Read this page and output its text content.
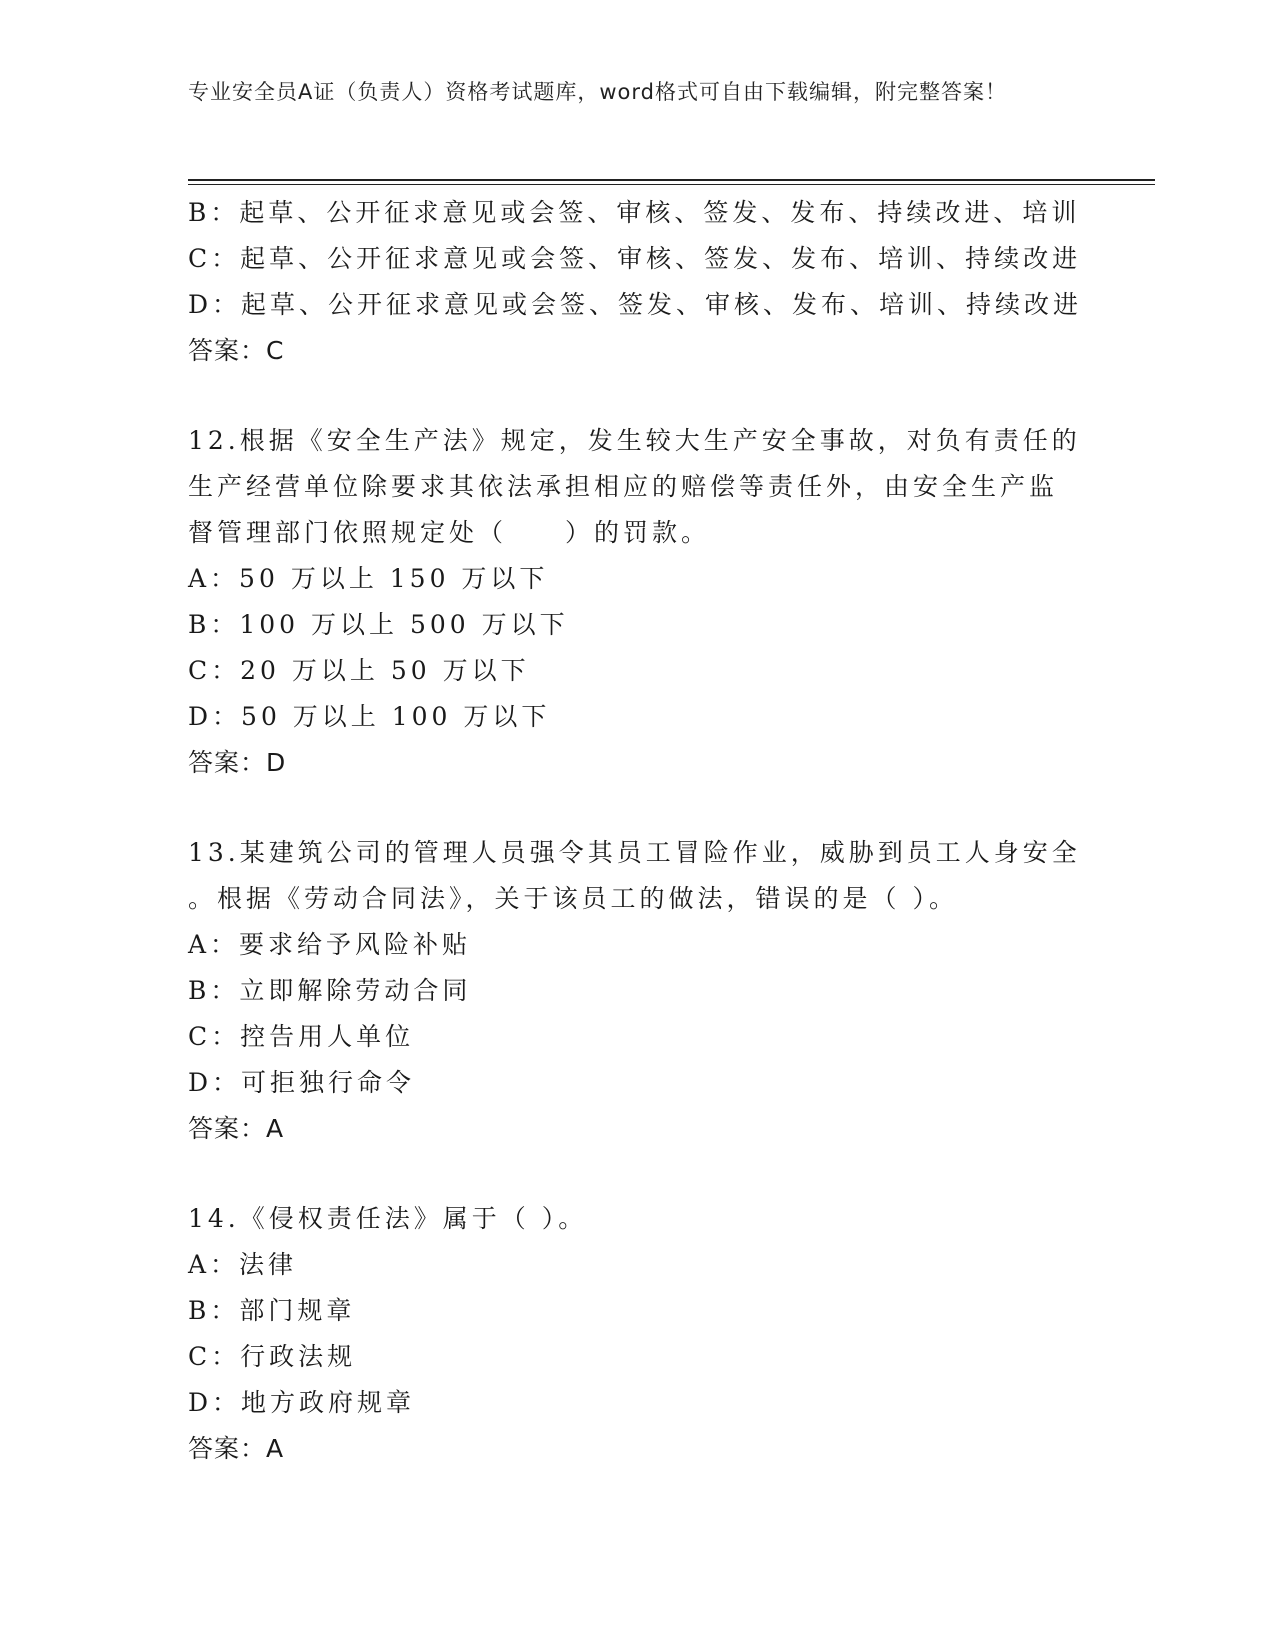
专业安全员A证（负责人）资格考试题库，word格式可自由下载编辑，附完整答案！
B：起草、公开征求意见或会签、审核、签发、发布、持续改进、培训
C：起草、公开征求意见或会签、审核、签发、发布、培训、持续改进
D：起草、公开征求意见或会签、签发、审核、发布、培训、持续改进
答案：C
12.根据《安全生产法》规定，发生较大生产安全事故，对负有责任的
生产经营单位除要求其依法承担相应的赔偿等责任外，由安全生产监
督管理部门依照规定处（　　）的罚款。
A：50 万以上 150 万以下
B：100 万以上 500 万以下
C：20 万以上 50 万以下
D：50 万以上 100 万以下
答案：D
13.某建筑公司的管理人员强令其员工冒险作业，威胁到员工人身安全
。根据《劳动合同法》，关于该员工的做法，错误的是（ ）。
A：要求给予风险补贴
B：立即解除劳动合同
C：控告用人单位
D：可拒独行命令
答案：A
14.《侵权责任法》属于（ ）。
A：法律
B：部门规章
C：行政法规
D：地方政府规章
答案：A
